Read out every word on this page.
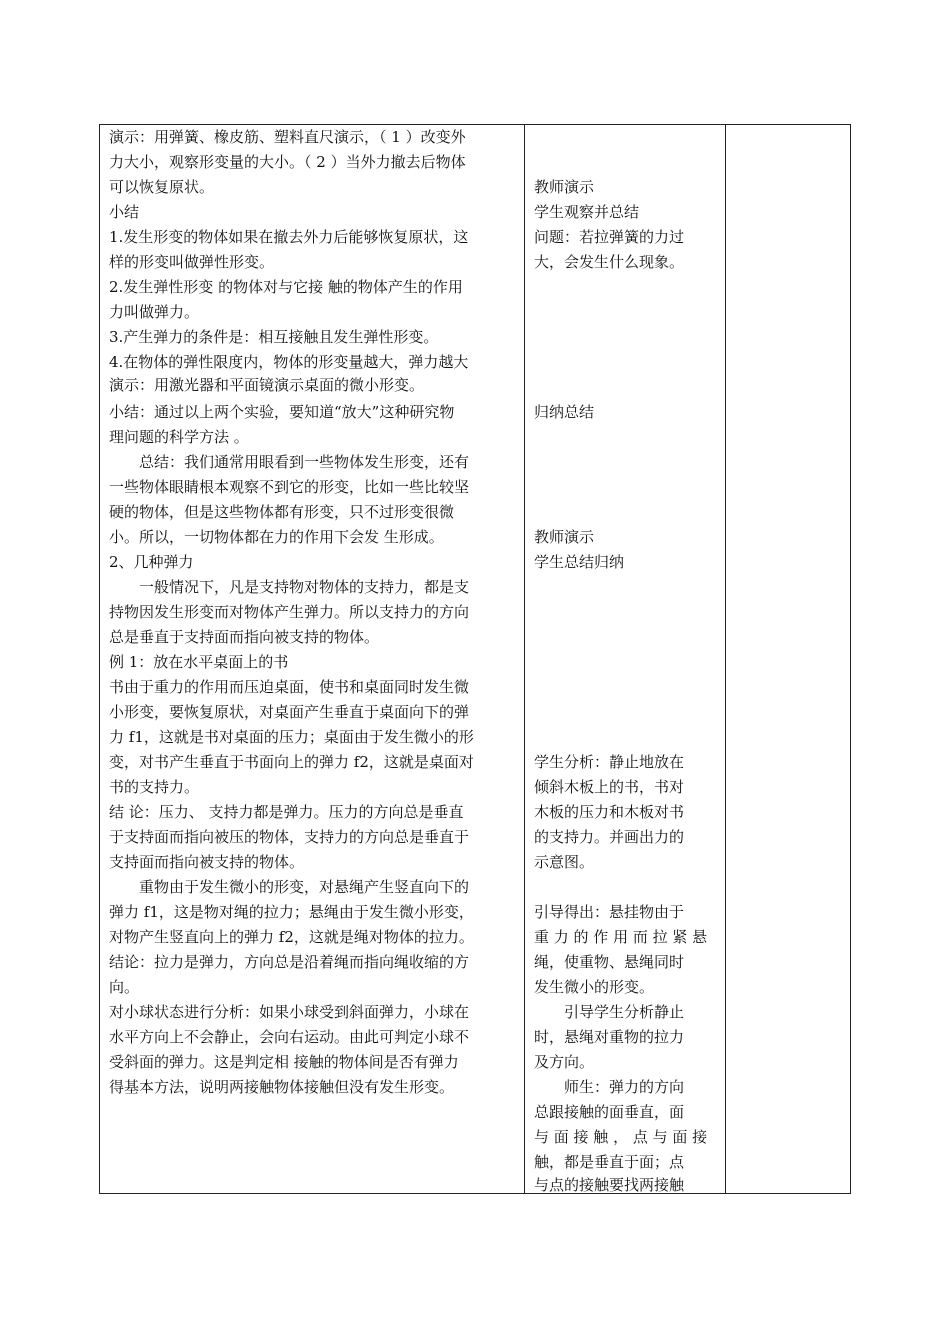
演示：用弹簧、橡皮筋、塑料直尺演示，（ 1 ）改变外
力大小，观察形变量的大小。（ 2 ）当外力撤去后物体
可以恢复原状。
小结
1.发生形变的物体如果在撤去外力后能够恢复原状，这
样的形变叫做弹性形变。
2.发生弹性形变 的物体对与它接 触的物体产生的作用
力叫做弹力。
3.产生弹力的条件是：相互接触且发生弹性形变。
4.在物体的弹性限度内，物体的形变量越大，弹力越大
演示：用激光器和平面镜演示桌面的微小形变。
小结：通过以上两个实验，要知道“放大”这种研究物
理问题的科学方法 。
总结：我们通常用眼看到一些物体发生形变，还有
一些物体眼睛根本观察不到它的形变，比如一些比较坚
硬的物体，但是这些物体都有形变，只不过形变很微
小。所以，一切物体都在力的作用下会发 生形成。
2、几种弹力
一般情况下，凡是支持物对物体的支持力，都是支
持物因发生形变而对物体产生弹力。所以支持力的方向
总是垂直于支持面而指向被支持的物体。
例 1：放在水平桌面上的书
书由于重力的作用而压迫桌面，使书和桌面同时发生微
小形变，要恢复原状，对桌面产生垂直于桌面向下的弹
力 f1，这就是书对桌面的压力；桌面由于发生微小的形
变，对书产生垂直于书面向上的弹力 f2，这就是桌面对
书的支持力。
结 论：压力、 支持力都是弹力。压力的方向总是垂直
于支持面而指向被压的物体，支持力的方向总是垂直于
支持面而指向被支持的物体。
重物由于发生微小的形变，对悬绳产生竖直向下的
弹力 f1，这是物对绳的拉力；悬绳由于发生微小形变，
对物产生竖直向上的弹力 f2，这就是绳对物体的拉力。
结论：拉力是弹力，方向总是沿着绳而指向绳收缩的方
向。
对小球状态进行分析：如果小球受到斜面弹力，小球在
水平方向上不会静止，会向右运动。由此可判定小球不
受斜面的弹力。这是判定相 接触的物体间是否有弹力
得基本方法，说明两接触物体接触但没有发生形变。
教师演示
学生观察并总结
问题：若拉弹簧的力过
大，会发生什么现象。
归纳总结
教师演示
学生总结归纳
学生分析：静止地放在
倾斜木板上的书，书对
木板的压力和木板对书
的支持力。并画出力的
示意图。
引导得出：悬挂物由于
重 力 的 作 用 而 拉 紧 悬
绳，使重物、悬绳同时
发生微小的形变。
引导学生分析静止
时，悬绳对重物的拉力
及方向。
师生：弹力的方向
总跟接触的面垂直，面
与 面 接 触 ， 点 与 面 接
触，都是垂直于面；点
与点的接触要找两接触
